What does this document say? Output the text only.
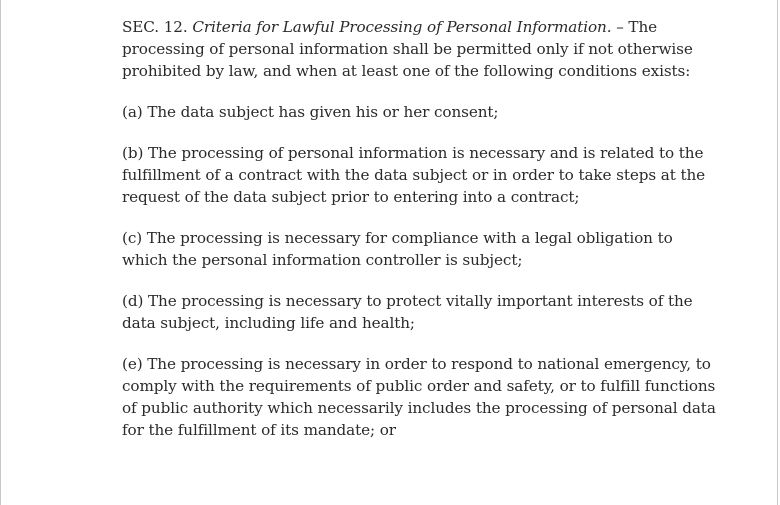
SEC. 12. Criteria for Lawful Processing of Personal Information. – The processing of personal information shall be permitted only if not otherwise prohibited by law, and when at least one of the following conditions exists:

(a) The data subject has given his or her consent;

(b) The processing of personal information is necessary and is related to the fulfillment of a contract with the data subject or in order to take steps at the request of the data subject prior to entering into a contract;

(c) The processing is necessary for compliance with a legal obligation to which the personal information controller is subject;

(d) The processing is necessary to protect vitally important interests of the data subject, including life and health;

(e) The processing is necessary in order to respond to national emergency, to comply with the requirements of public order and safety, or to fulfill functions of public authority which necessarily includes the processing of personal data for the fulfillment of its mandate; or
